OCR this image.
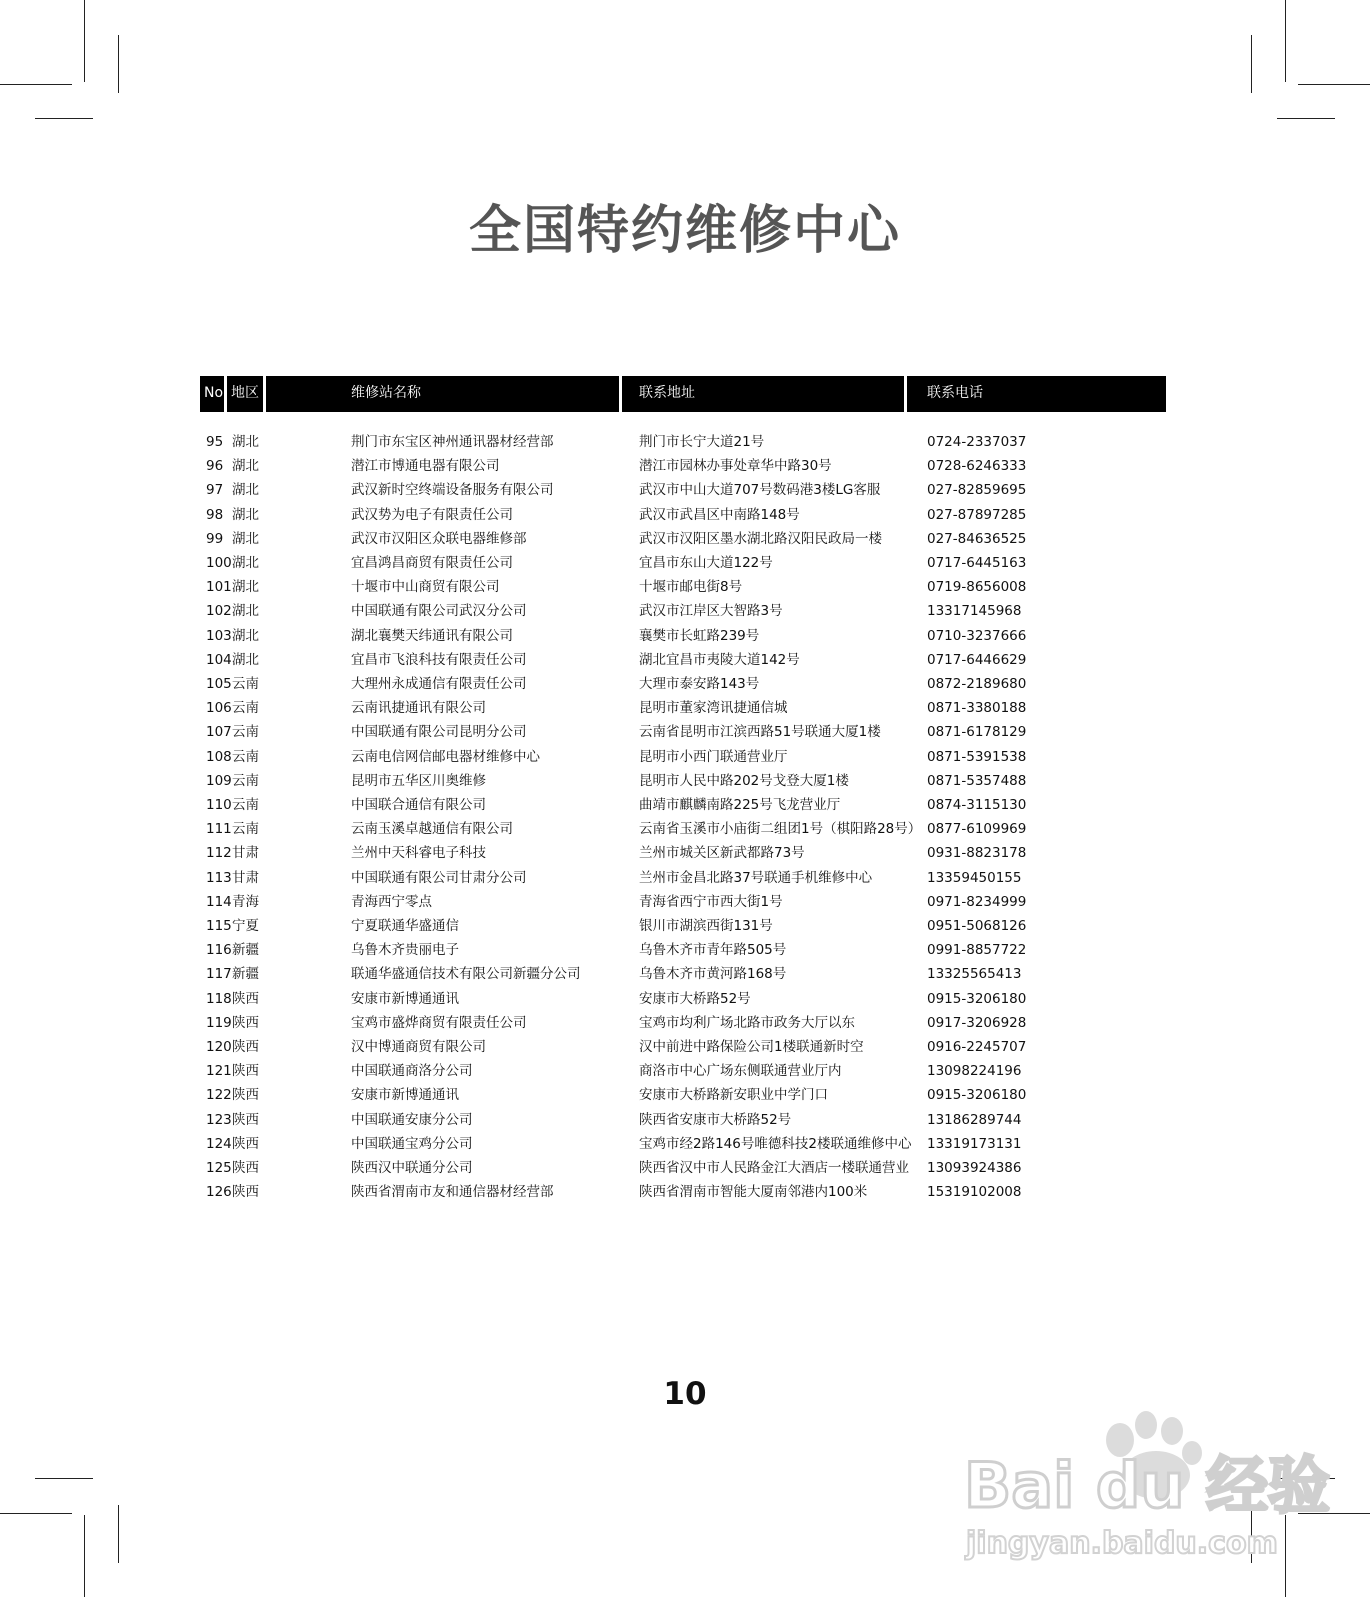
全国特约维修中心
No 地区	维修站名称	联系地址	联系电话
95 湖北	荆门市东宝区神州通讯器材经营部	荆门市长宁大道21号	0724-2337037
96 湖北	潜江市博通电器有限公司	潜江市园林办事处章华中路30号	0728-6246333
97 湖北	武汉新时空终端设备服务有限公司	武汉市中山大道707号数码港3楼LG客服	027-82859695
98 湖北	武汉势为电子有限责任公司	武汉市武昌区中南路148号	027-87897285
99 湖北	武汉市汉阳区众联电器维修部	武汉市汉阳区墨水湖北路汉阳民政局一楼	027-84636525
100 湖北	宜昌鸿昌商贸有限责任公司	宜昌市东山大道122号	0717-6445163
101 湖北	十堰市中山商贸有限公司	十堰市邮电街8号	0719-8656008
102 湖北	中国联通有限公司武汉分公司	武汉市江岸区大智路3号	13317145968
103 湖北	湖北襄樊天纬通讯有限公司	襄樊市长虹路239号	0710-3237666
104 湖北	宜昌市飞浪科技有限责任公司	湖北宜昌市夷陵大道142号	0717-6446629
105 云南	大理州永成通信有限责任公司	大理市泰安路143号	0872-2189680
106 云南	云南讯捷通讯有限公司	昆明市董家湾讯捷通信城	0871-3380188
107 云南	中国联通有限公司昆明分公司	云南省昆明市江滨西路51号联通大厦1楼	0871-6178129
108 云南	云南电信网信邮电器材维修中心	昆明市小西门联通营业厅	0871-5391538
109 云南	昆明市五华区川奥维修	昆明市人民中路202号戈登大厦1楼	0871-5357488
110 云南	中国联合通信有限公司	曲靖市麒麟南路225号飞龙营业厅	0874-3115130
111 云南	云南玉溪卓越通信有限公司	云南省玉溪市小庙街二组团1号（棋阳路28号） 0877-6109969
112 甘肃	兰州中天科睿电子科技	兰州市城关区新武都路73号	0931-8823178
113 甘肃	中国联通有限公司甘肃分公司	兰州市金昌北路37号联通手机维修中心	13359450155
114 青海	青海西宁零点	青海省西宁市西大街1号	0971-8234999
115 宁夏	宁夏联通华盛通信	银川市湖滨西街131号	0951-5068126
116 新疆	乌鲁木齐贵丽电子	乌鲁木齐市青年路505号	0991-8857722
117 新疆	联通华盛通信技术有限公司新疆分公司	乌鲁木齐市黄河路168号	13325565413
118 陕西	安康市新博通通讯	安康市大桥路52号	0915-3206180
119 陕西	宝鸡市盛烨商贸有限责任公司	宝鸡市均利广场北路市政务大厅以东	0917-3206928
120 陕西	汉中博通商贸有限公司	汉中前进中路保险公司1楼联通新时空	0916-2245707
121 陕西	中国联通商洛分公司	商洛市中心广场东侧联通营业厅内	13098224196
122 陕西	安康市新博通通讯	安康市大桥路新安职业中学门口	0915-3206180
123 陕西	中国联通安康分公司	陕西省安康市大桥路52号	13186289744
124 陕西	中国联通宝鸡分公司	宝鸡市经2路146号唯德科技2楼联通维修中心 13319173131
125 陕西	陕西汉中联通分公司	陕西省汉中市人民路金江大酒店一楼联通营业 13093924386
126 陕西	陕西省渭南市友和通信器材经营部	陕西省渭南市智能大厦南邻港内100米	15319102008
10
Bai du 经验
jingyan.baidu.com
